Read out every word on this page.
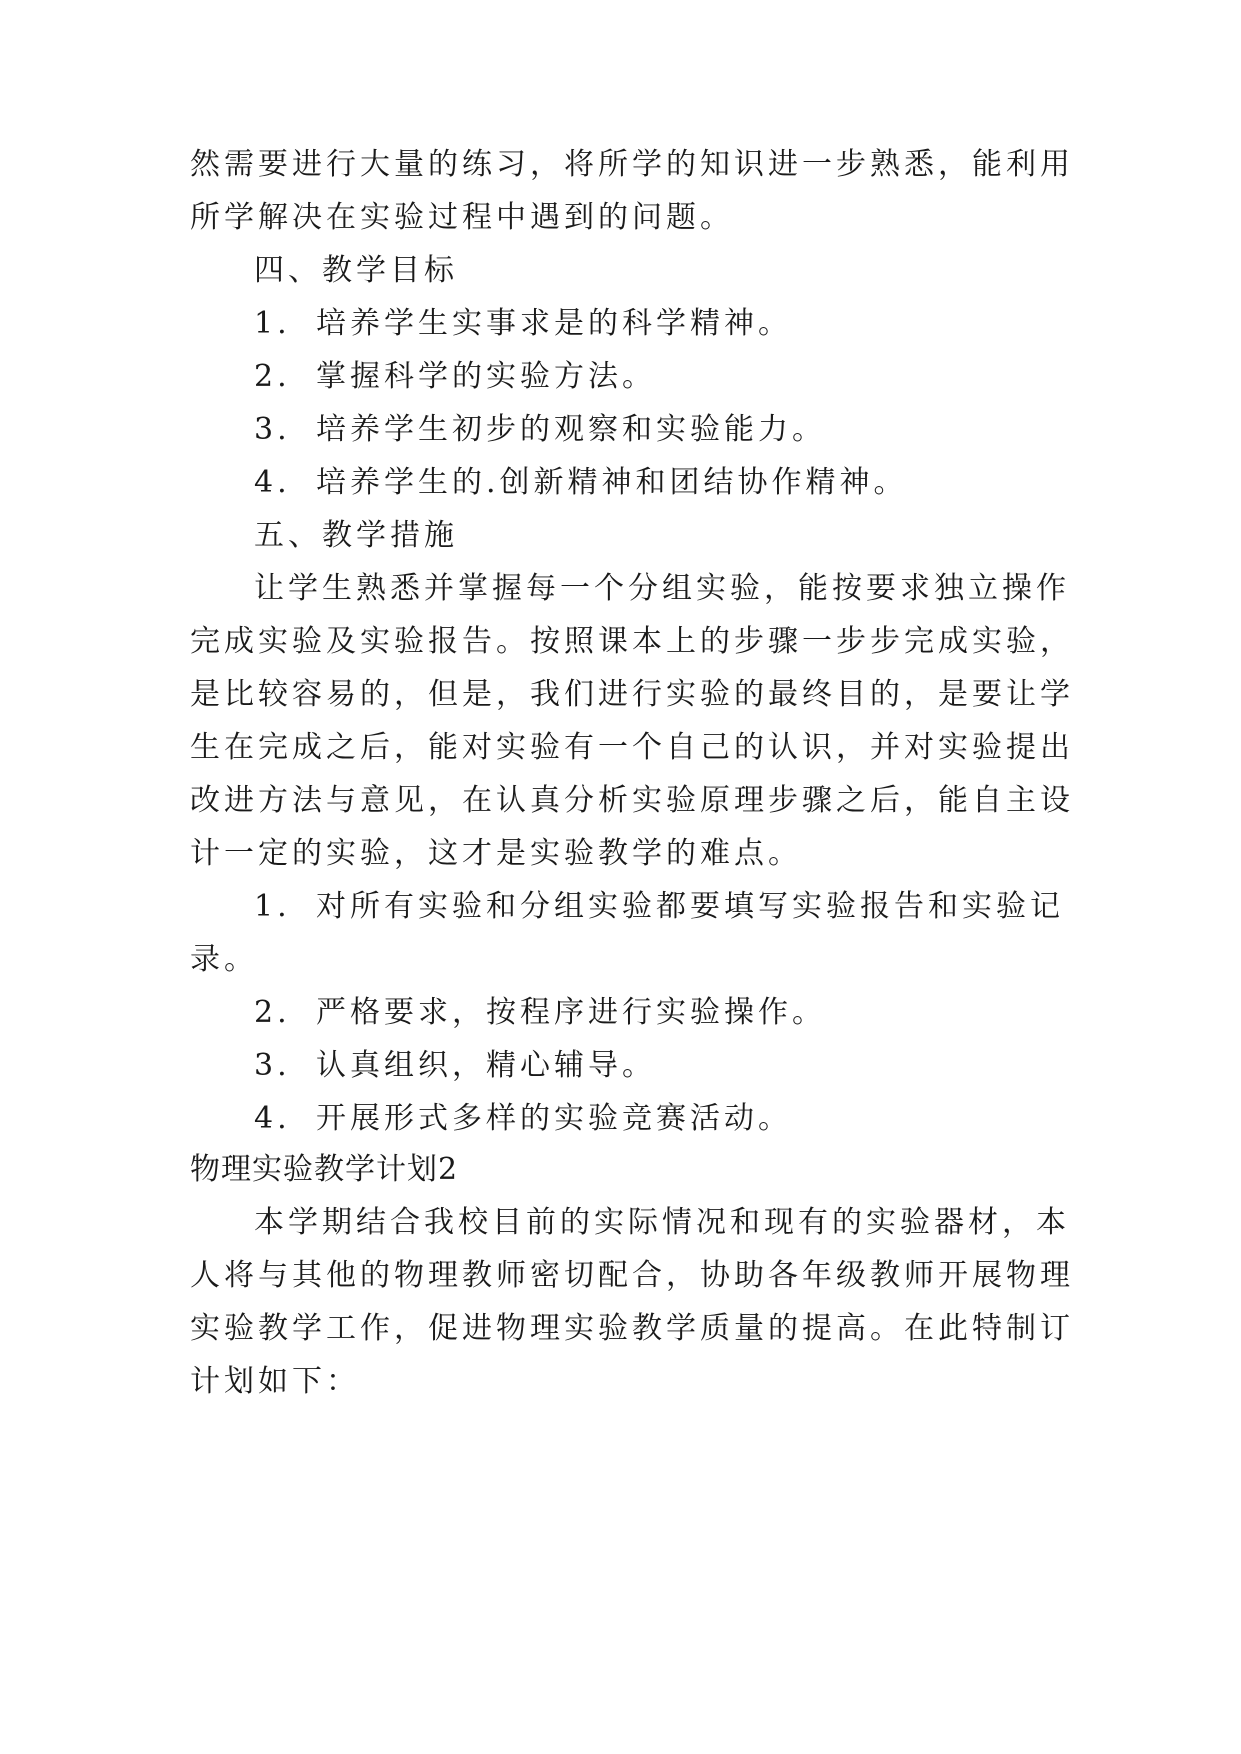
然需要进行大量的练习，将所学的知识进一步熟悉，能利用
所学解决在实验过程中遇到的问题。
四、教学目标
1. 培养学生实事求是的科学精神。
2. 掌握科学的实验方法。
3. 培养学生初步的观察和实验能力。
4. 培养学生的.创新精神和团结协作精神。
五、教学措施
让学生熟悉并掌握每一个分组实验，能按要求独立操作
完成实验及实验报告。按照课本上的步骤一步步完成实验，
是比较容易的，但是，我们进行实验的最终目的，是要让学
生在完成之后，能对实验有一个自己的认识，并对实验提出
改进方法与意见，在认真分析实验原理步骤之后，能自主设
计一定的实验，这才是实验教学的难点。
1. 对所有实验和分组实验都要填写实验报告和实验记
录。
2. 严格要求，按程序进行实验操作。
3. 认真组织，精心辅导。
4. 开展形式多样的实验竞赛活动。
物理实验教学计划2
本学期结合我校目前的实际情况和现有的实验器材，本
人将与其他的物理教师密切配合，协助各年级教师开展物理
实验教学工作，促进物理实验教学质量的提高。在此特制订
计划如下：
